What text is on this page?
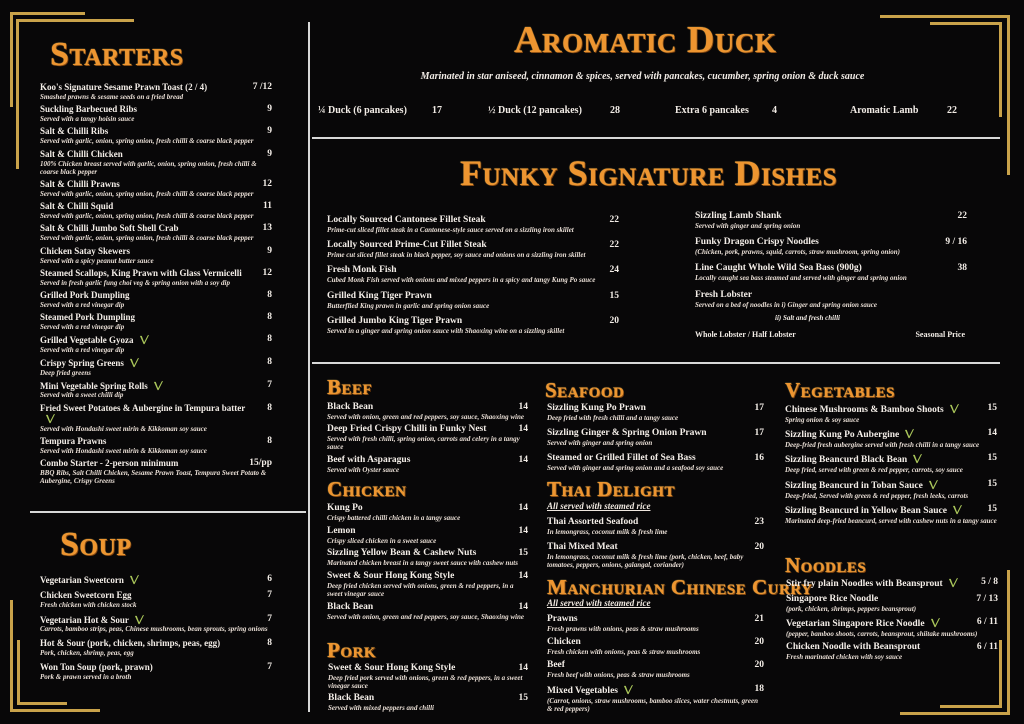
Starters
Soup
Aromatic Duck
Funky Signature Dishes
Beef
Chicken
Pork
Seafood
Thai Delight
Manchurian Chinese Curry
Vegetables
Noodles
Marinated in star aniseed, cinnamon & spices, served with pancakes, cucumber, spring onion & duck sauce
¼ Duck (6 pancakes)	17	½ Duck (12 pancakes)	28	Extra 6 pancakes 4	Aromatic Lamb	22
Koo's Signature Sesame Prawn Toast (2 / 4)	7 /12
Smashed prawns & sesame seeds on a fried bread
Suckling Barbecued Ribs	9
Served with a tangy hoisin sauce
Salt & Chilli Ribs	9
Served with garlic, onion, spring onion, fresh chilli & coarse black pepper
Salt & Chilli Chicken	9
100% Chicken breast served with garlic, onion, spring onion, fresh chilli & coarse black pepper
Salt & Chilli Prawns	12
Served with garlic, onion, spring onion, fresh chilli & coarse black pepper
Salt & Chilli Squid	11
Served with garlic, onion, spring onion, fresh chilli & coarse black pepper
Salt & Chilli Jumbo Soft Shell Crab	13
Served with garlic, onion, spring onion, fresh chilli & coarse black pepper
Chicken Satay Skewers	9
Served with a spicy peanut butter sauce
Steamed Scallops, King Prawn with Glass Vermicelli	12
Served in fresh garlic fung choi veg & spring onion with a soy dip
Grilled Pork Dumpling	8
Served with a red vinegar dip
Steamed Pork Dumpling	8
Served with a red vinegar dip
Grilled Vegetable Gyoza	8
Served with a red vinegar dip
Crispy Spring Greens	8
Deep fried greens
Mini Vegetable Spring Rolls	7
Served with a sweet chilli dip
Fried Sweet Potatoes & Aubergine in Tempura batter	8
Served with Hondashi sweet mirin & Kikkoman soy sauce
Tempura Prawns	8
Served with Hondashi sweet mirin & Kikkoman soy sauce
Combo Starter - 2-person minimum	15/pp
BBQ Ribs, Salt Chilli Chicken, Sesame Prawn Toast, Tempura Sweet Potato & Aubergine, Crispy Greens
Vegetarian Sweetcorn	6
Chicken Sweetcorn Egg	7
Fresh chicken with chicken stock
Vegetarian Hot & Sour	7
Carrots, bamboo strips, peas, Chinese mushrooms, bean sprouts, spring onions
Hot & Sour (pork, chicken, shrimps, peas, egg)	8
Pork, chicken, shrimp, peas, egg
Won Ton Soup (pork, prawn)	7
Pork & prawn served in a broth
Locally Sourced Cantonese Fillet Steak	22
Prime-cut sliced fillet steak in a Cantonese-style sauce served on a sizzling iron skillet
Locally Sourced Prime-Cut Fillet Steak	22
Prime cut sliced fillet steak in black pepper, soy sauce and onions on a sizzling iron skillet
Fresh Monk Fish	24
Cubed Monk Fish served with onions and mixed peppers in a spicy and tangy Kung Po sauce
Grilled King Tiger Prawn	15
Butterflied King prawn in garlic and spring onion sauce
Grilled Jumbo King Tiger Prawn	20
Served in a ginger and spring onion sauce with Shaoxing wine on a sizzling skillet
Sizzling Lamb Shank	22
Served with ginger and spring onion
Funky Dragon Crispy Noodles	9 / 16
(Chicken, pork, prawns, squid, carrots, straw mushroom, spring onion)
Line Caught Whole Wild Sea Bass (900g)	38
Locally caught sea bass steamed and served with ginger and spring onion
Fresh Lobster
Served on a bed of noodles in i) Ginger and spring onion sauce
ii) Salt and fresh chilli
Whole Lobster / Half Lobster	Seasonal Price
Black Bean	14
Served with onion, green and red peppers, soy sauce, Shaoxing wine
Deep Fried Crispy Chilli in Funky Nest	14
Served with fresh chilli, spring onion, carrots and celery in a tangy sauce
Beef with Asparagus	14
Served with Oyster sauce
Kung Po	14
Crispy battered chilli chicken in a tangy sauce
Lemon	14
Crispy sliced chicken in a sweet sauce
Sizzling Yellow Bean & Cashew Nuts	15
Marinated chicken breast in a tangy sweet sauce with cashew nuts
Sweet & Sour Hong Kong Style	14
Deep fried chicken served with onions, green & red peppers, in a sweet vinegar sauce
Black Bean	14
Served with onion, green and red peppers, soy sauce, Shaoxing wine
Sweet & Sour Hong Kong Style	14
Deep fried pork served with onions, green & red peppers, in a sweet vinegar sauce
Black Bean	15
Served with mixed peppers and chilli
Sizzling Kung Po Prawn	17
Deep fried with fresh chilli and a tangy sauce
Sizzling Ginger & Spring Onion Prawn	17
Served with ginger and spring onion
Steamed or Grilled Fillet of Sea Bass	16
Served with ginger and spring onion and a seafood soy sauce
All served with steamed rice
Thai Assorted Seafood	23
In lemongrass, coconut milk & fresh lime
Thai Mixed Meat	20
In lemongrass, coconut milk & fresh lime (pork, chicken, beef, baby tomatoes, peppers, onions, galangal, coriander)
All served with steamed rice
Prawns	21
Fresh prawns with onions, peas & straw mushrooms
Chicken	20
Fresh chicken with onions, peas & straw mushrooms
Beef	20
Fresh beef with onions, peas & straw mushrooms
Mixed Vegetables	18
(Carrot, onions, straw mushrooms, bamboo slices, water chestnuts, green & red peppers)
Chinese Mushrooms & Bamboo Shoots	15
Spring onion & soy sauce
Sizzling Kung Po Aubergine	14
Deep-fried fresh aubergine served with fresh chilli in a tangy sauce
Sizzling Beancurd Black Bean	15
Deep fried, served with green & red pepper, carrots, soy sauce
Sizzling Beancurd in Toban Sauce	15
Deep-fried, Served with green & red pepper, fresh leeks, carrots
Sizzling Beancurd in Yellow Bean Sauce	15
Marinated deep-fried beancurd, served with cashew nuts in a tangy sauce
Stir fry plain Noodles with Beansprout	5 / 8
Singapore Rice Noodle	7 / 13
(pork, chicken, shrimps, peppers beansprout)
Vegetarian Singapore Rice Noodle	6 / 11
(pepper, bamboo shoots, carrots, beansprout, shiitake mushrooms)
Chicken Noodle with Beansprout	6 / 11
Fresh marinated chicken with soy sauce
